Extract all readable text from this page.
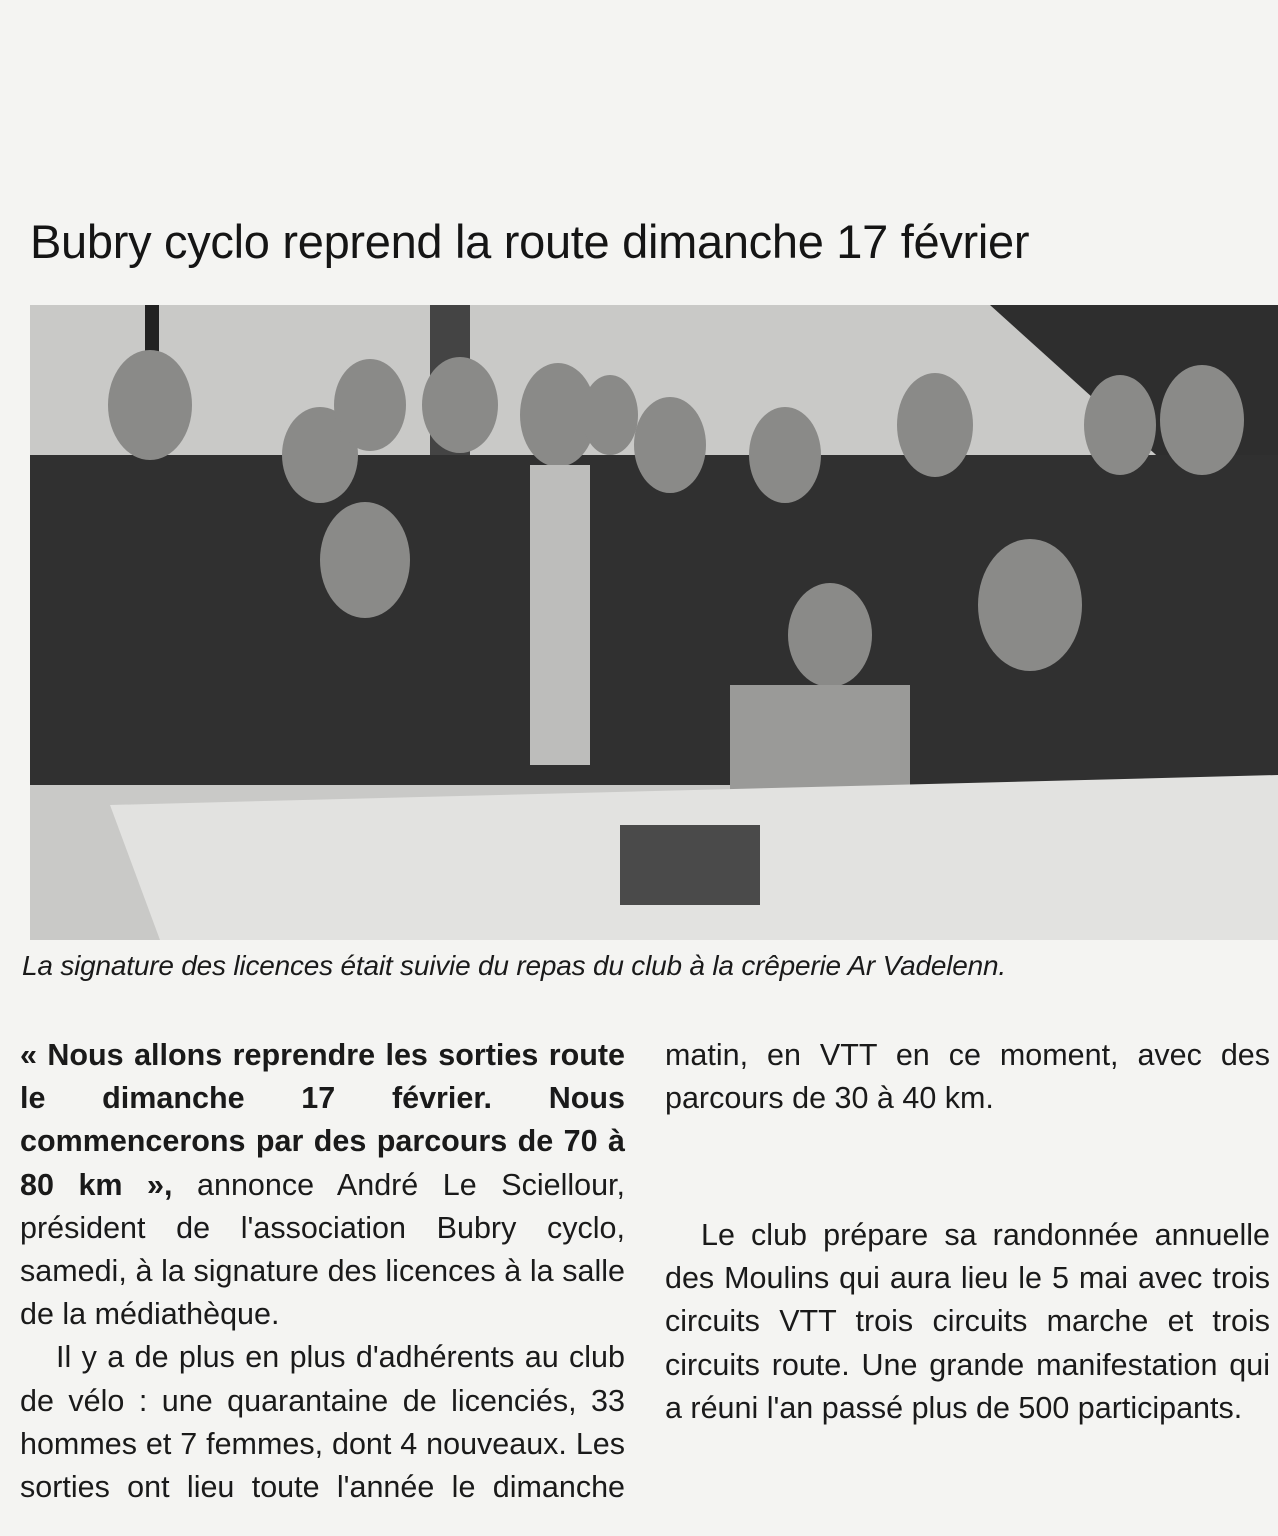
Bubry cyclo reprend la route dimanche 17 février
La signature des licences était suivie du repas du club à la crêperie Ar Vadelenn.

« Nous allons reprendre les sorties route le dimanche 17 février. Nous commencerons par des parcours de 70 à 80 km », annonce André Le Sciellour, président de l'association Bubry cyclo, samedi, à la signature des licences à la salle de la médiathèque.

Il y a de plus en plus d'adhérents au club de vélo : une quarantaine de licenciés, 33 hommes et 7 femmes, dont 4 nouveaux. Les sorties ont lieu toute l'année le dimanche

matin, en VTT en ce moment, avec des parcours de 30 à 40 km.

Le club prépare sa randonnée annuelle des Moulins qui aura lieu le 5 mai avec trois circuits VTT trois circuits marche et trois circuits route. Une grande manifestation qui a réuni l'an passé plus de 500 participants.
